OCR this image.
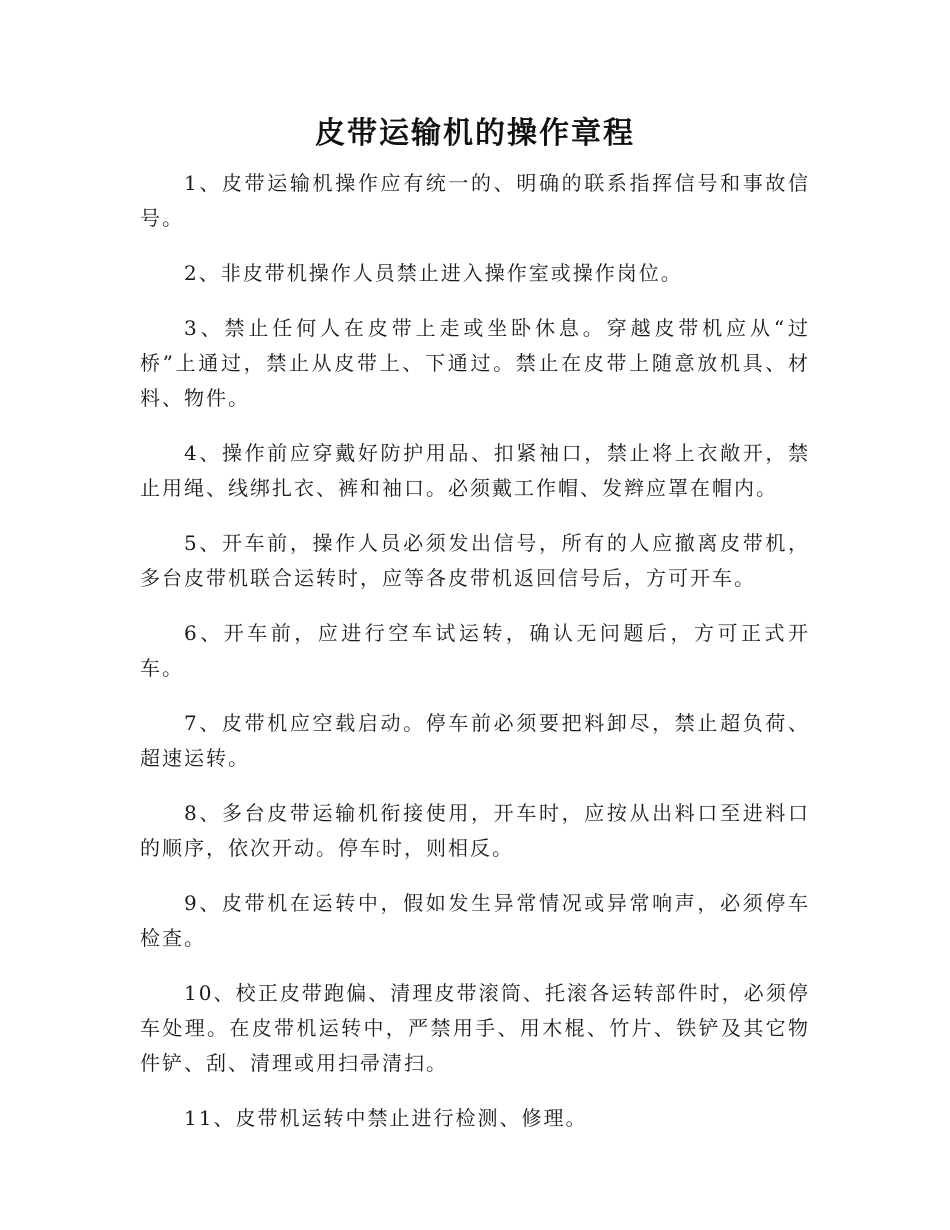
皮带运输机的操作章程

1、皮带运输机操作应有统一的、明确的联系指挥信号和事故信号。

2、非皮带机操作人员禁止进入操作室或操作岗位。

3、禁止任何人在皮带上走或坐卧休息。穿越皮带机应从“过桥”上通过，禁止从皮带上、下通过。禁止在皮带上随意放机具、材料、物件。

4、操作前应穿戴好防护用品、扣紧袖口，禁止将上衣敞开，禁止用绳、线绑扎衣、裤和袖口。必须戴工作帽、发辫应罩在帽内。

5、开车前，操作人员必须发出信号，所有的人应撤离皮带机，多台皮带机联合运转时，应等各皮带机返回信号后，方可开车。

6、开车前，应进行空车试运转，确认无问题后，方可正式开车。

7、皮带机应空载启动。停车前必须要把料卸尽，禁止超负荷、超速运转。

8、多台皮带运输机衔接使用，开车时，应按从出料口至进料口的顺序，依次开动。停车时，则相反。

9、皮带机在运转中，假如发生异常情况或异常响声，必须停车检查。

10、校正皮带跑偏、清理皮带滚筒、托滚各运转部件时，必须停车处理。在皮带机运转中，严禁用手、用木棍、竹片、铁铲及其它物件铲、刮、清理或用扫帚清扫。

11、皮带机运转中禁止进行检测、修理。
